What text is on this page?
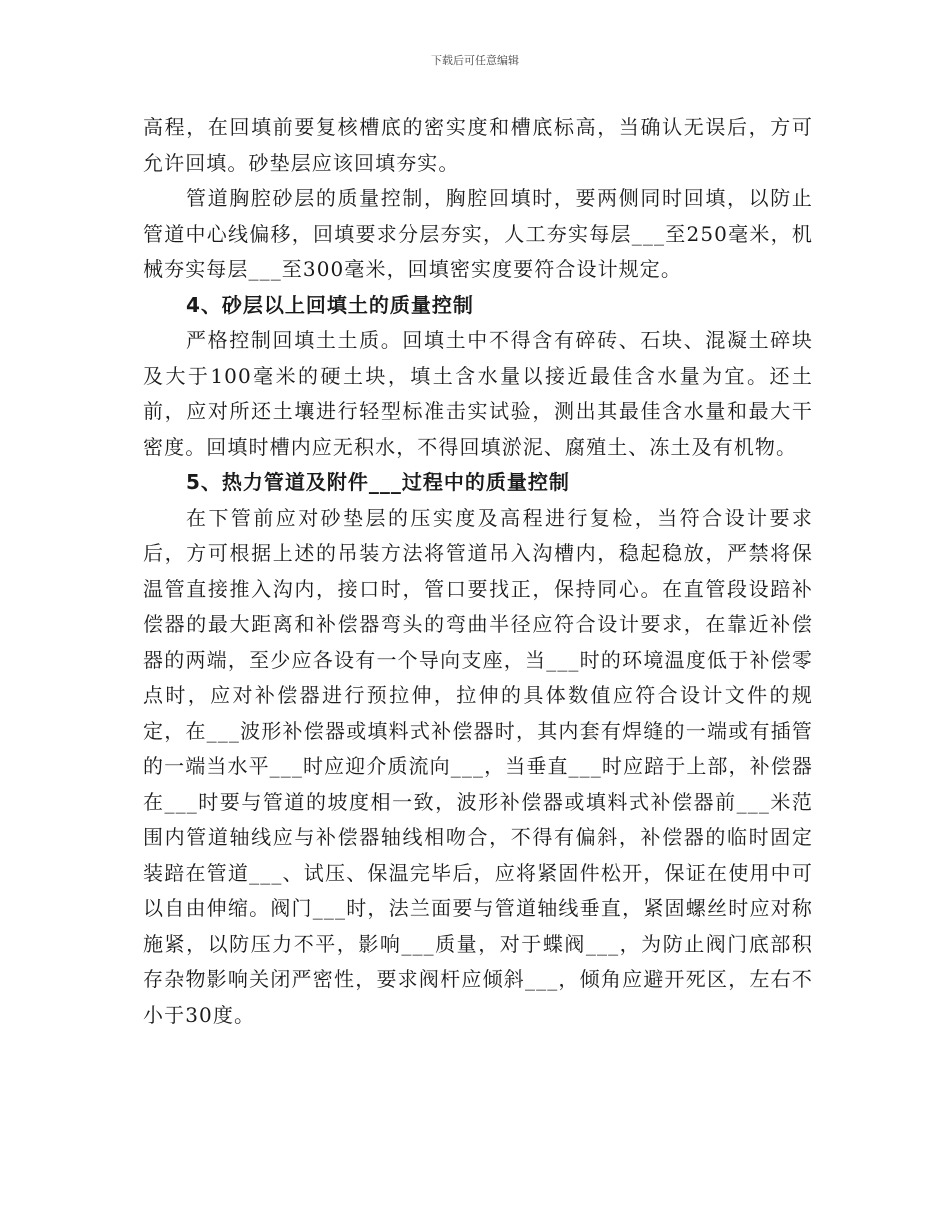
下载后可任意编辑

高程，在回填前要复核槽底的密实度和槽底标高，当确认无误后，方可允许回填。砂垫层应该回填夯实。

管道胸腔砂层的质量控制，胸腔回填时，要两侧同时回填，以防止管道中心线偏移，回填要求分层夯实，人工夯实每层___至250毫米，机械夯实每层___至300毫米，回填密实度要符合设计规定。

4、砂层以上回填土的质量控制

严格控制回填土土质。回填土中不得含有碎砖、石块、混凝土碎块及大于100毫米的硬土块，填土含水量以接近最佳含水量为宜。还土前，应对所还土壤进行轻型标准击实试验，测出其最佳含水量和最大干密度。回填时槽内应无积水，不得回填淤泥、腐殖土、冻土及有机物。

5、热力管道及附件___过程中的质量控制

在下管前应对砂垫层的压实度及高程进行复检，当符合设计要求后，方可根据上述的吊装方法将管道吊入沟槽内，稳起稳放，严禁将保温管直接推入沟内，接口时，管口要找正，保持同心。在直管段设踣补偿器的最大距离和补偿器弯头的弯曲半径应符合设计要求，在靠近补偿器的两端，至少应各设有一个导向支座，当___时的环境温度低于补偿零点时，应对补偿器进行预拉伸，拉伸的具体数值应符合设计文件的规定，在___波形补偿器或填料式补偿器时，其内套有焊缝的一端或有插管的一端当水平___时应迎介质流向___，当垂直___时应踣于上部，补偿器在___时要与管道的坡度相一致，波形补偿器或填料式补偿器前___米范围内管道轴线应与补偿器轴线相吻合，不得有偏斜，补偿器的临时固定装踣在管道___、试压、保温完毕后，应将紧固件松开，保证在使用中可以自由伸缩。阀门___时，法兰面要与管道轴线垂直，紧固螺丝时应对称施紧，以防压力不平，影响___质量，对于蝶阀___，为防止阀门底部积存杂物影响关闭严密性，要求阀杆应倾斜___，倾角应避开死区，左右不小于30度。
